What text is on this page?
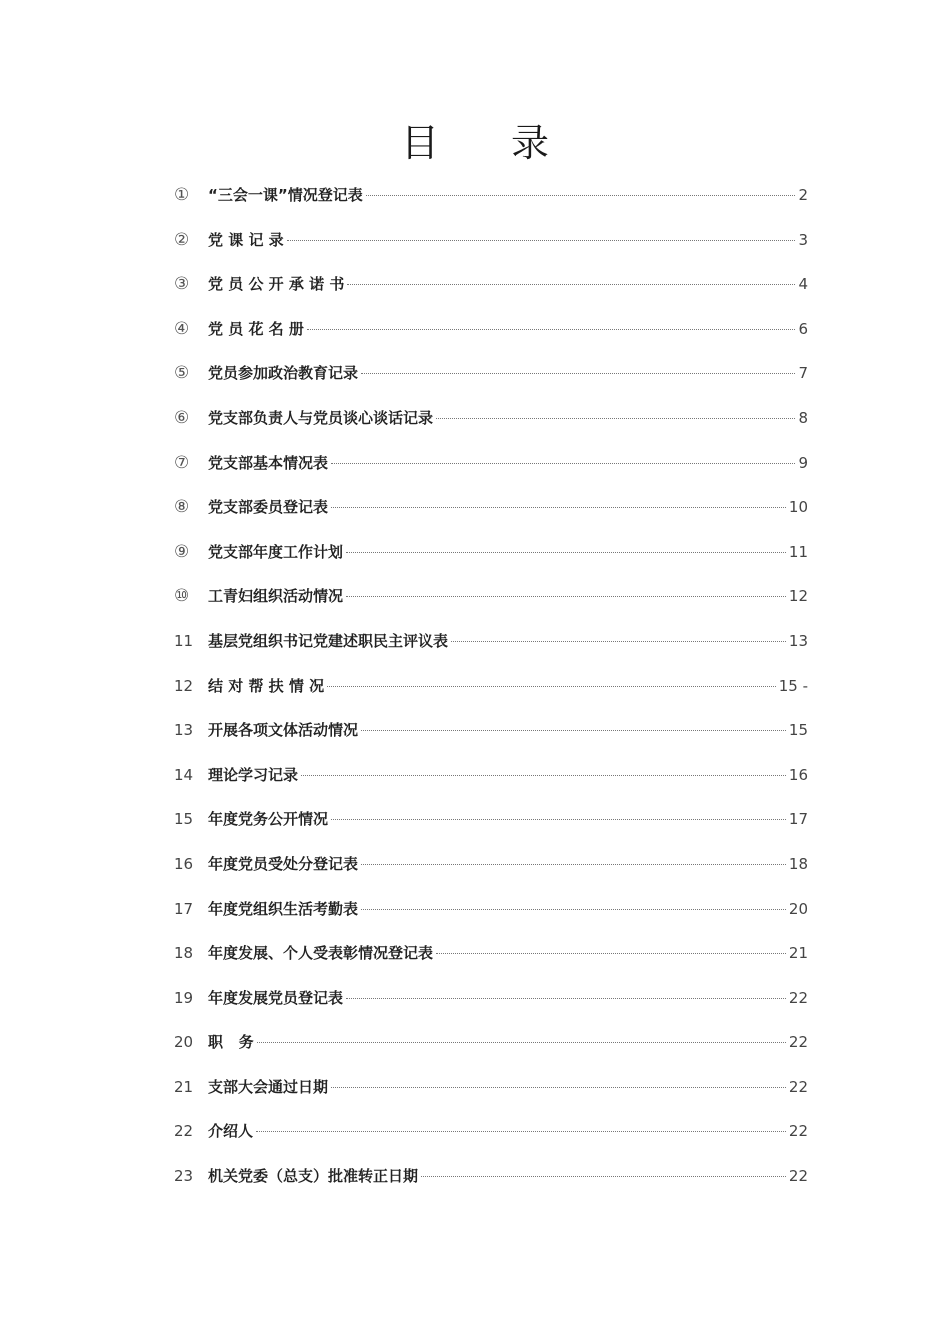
目 录
①	“三会一课”情况登记表	2
②	党 课 记 录	3
③	党 员 公 开 承 诺 书	4
④	党 员 花 名 册	6
⑤	党员参加政治教育记录	7
⑥	党支部负责人与党员谈心谈话记录	8
⑦	党支部基本情况表	9
⑧	党支部委员登记表	10
⑨	党支部年度工作计划	11
⑩	工青妇组织活动情况	12
11 基层党组织书记党建述职民主评议表	13
12 结 对 帮 扶 情 况	15 -
13 开展各项文体活动情况	15
14 理论学习记录	16
15 年度党务公开情况	17
16 年度党员受处分登记表	18
17 年度党组织生活考勤表	20
18 年度发展、个人受表彰情况登记表	21
19 年度发展党员登记表	22
20 职   务	22
21 支部大会通过日期	22
22 介绍人	22
23 机关党委（总支）批准转正日期	22
